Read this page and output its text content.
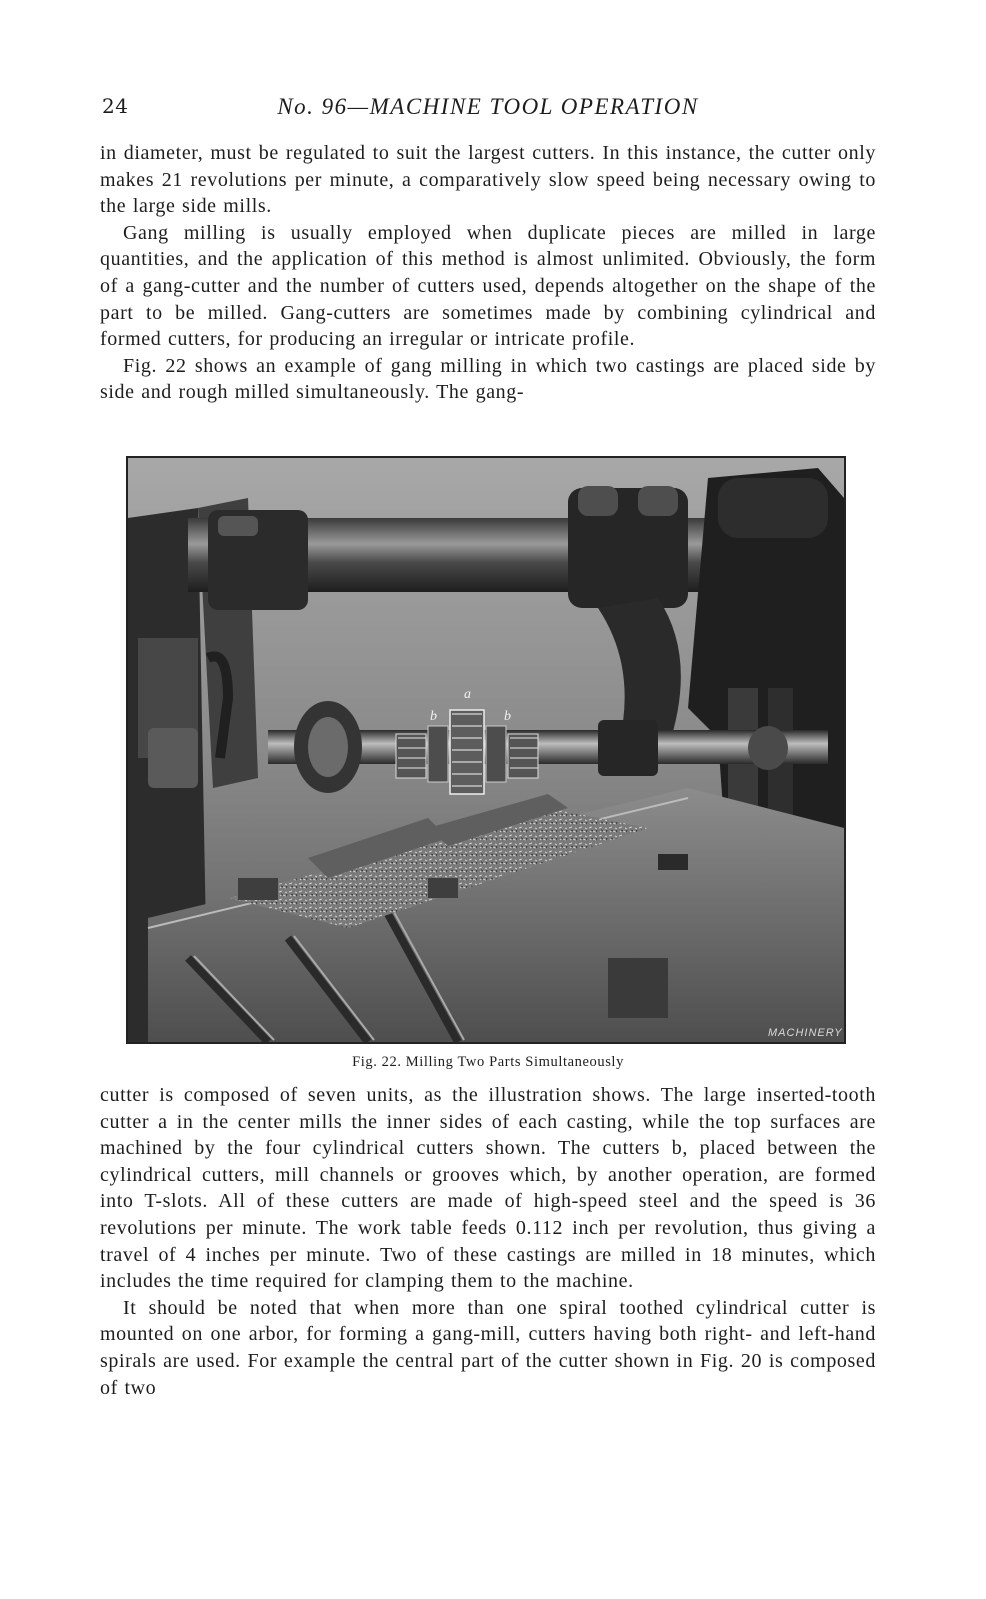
24	No. 96—MACHINE TOOL OPERATION

in diameter, must be regulated to suit the largest cutters. In this instance, the cutter only makes 21 revolutions per minute, a comparatively slow speed being necessary owing to the large side mills.

Gang milling is usually employed when duplicate pieces are milled in large quantities, and the application of this method is almost unlimited. Obviously, the form of a gang-cutter and the number of cutters used, depends altogether on the shape of the part to be milled. Gang-cutters are sometimes made by combining cylindrical and formed cutters, for producing an irregular or intricate profile.

Fig. 22 shows an example of gang milling in which two castings are placed side by side and rough milled simultaneously. The gang-

a
b	b
MACHINERY
Fig. 22. Milling Two Parts Simultaneously

cutter is composed of seven units, as the illustration shows. The large inserted-tooth cutter a in the center mills the inner sides of each casting, while the top surfaces are machined by the four cylindrical cutters shown. The cutters b, placed between the cylindrical cutters, mill channels or grooves which, by another operation, are formed into T-slots. All of these cutters are made of high-speed steel and the speed is 36 revolutions per minute. The work table feeds 0.112 inch per revolution, thus giving a travel of 4 inches per minute. Two of these castings are milled in 18 minutes, which includes the time required for clamping them to the machine.

It should be noted that when more than one spiral toothed cylindrical cutter is mounted on one arbor, for forming a gang-mill, cutters having both right- and left-hand spirals are used. For example the central part of the cutter shown in Fig. 20 is composed of two
